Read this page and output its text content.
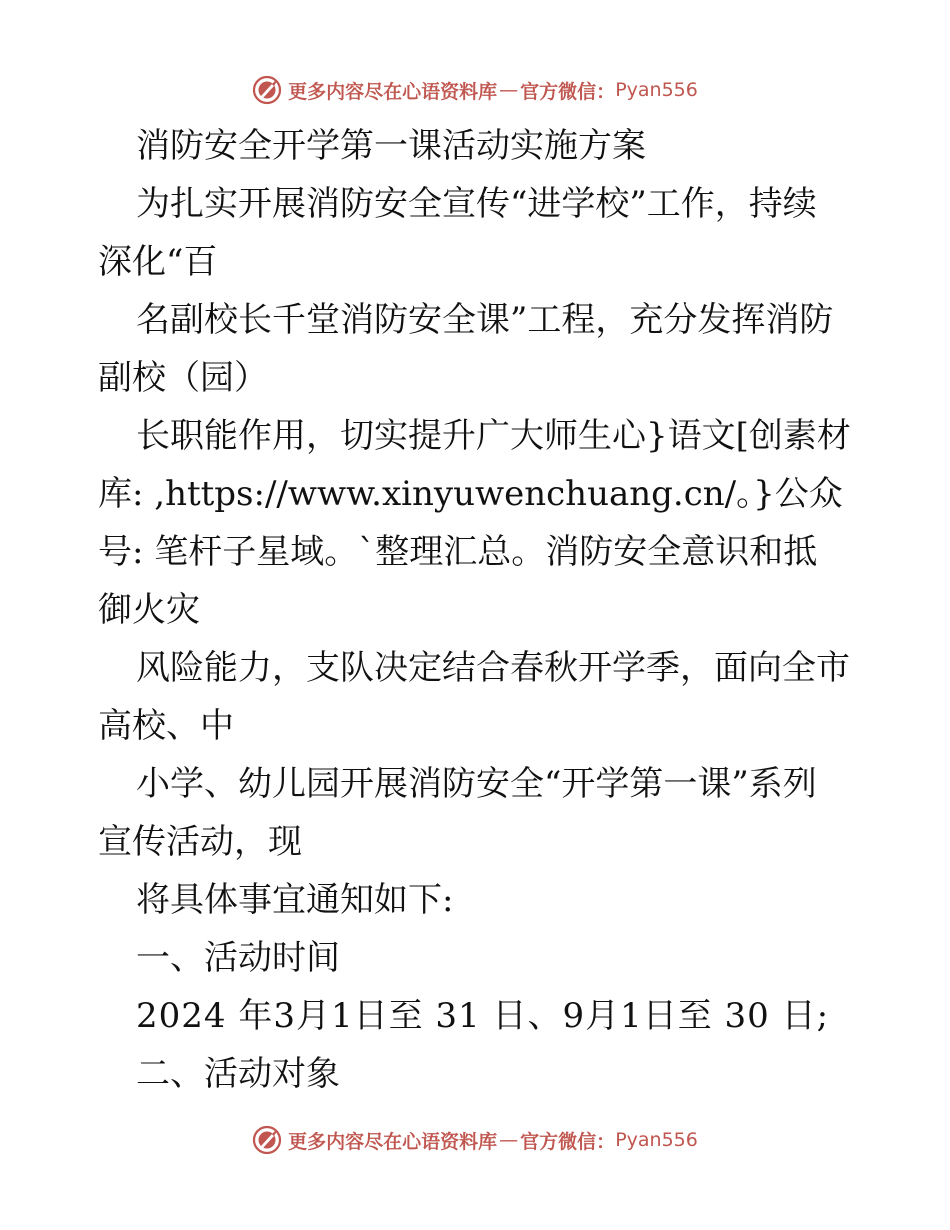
更多内容尽在心语资料库 — 官方微信： Pyan556

消防安全开学第一课活动实施方案

为扎实开展消防安全宣传“进学校”工作，持续

深化“百

名副校长千堂消防安全课”工程，充分发挥消防

副校（园）

长职能作用，切实提升广大师生心}语文[创素材

库: ,https://www.xinyuwenchuang.cn/。}公众

号: 笔杆子星域。`整理汇总。消防安全意识和抵

御火灾

风险能力，支队决定结合春秋开学季，面向全市

高校、中

小学、幼儿园开展消防安全“开学第一课”系列

宣传活动，现

将具体事宜通知如下:

一、活动时间

2024 年3月1日至 31 日、9月1日至 30 日;

二、活动对象

更多内容尽在心语资料库 — 官方微信： Pyan556
